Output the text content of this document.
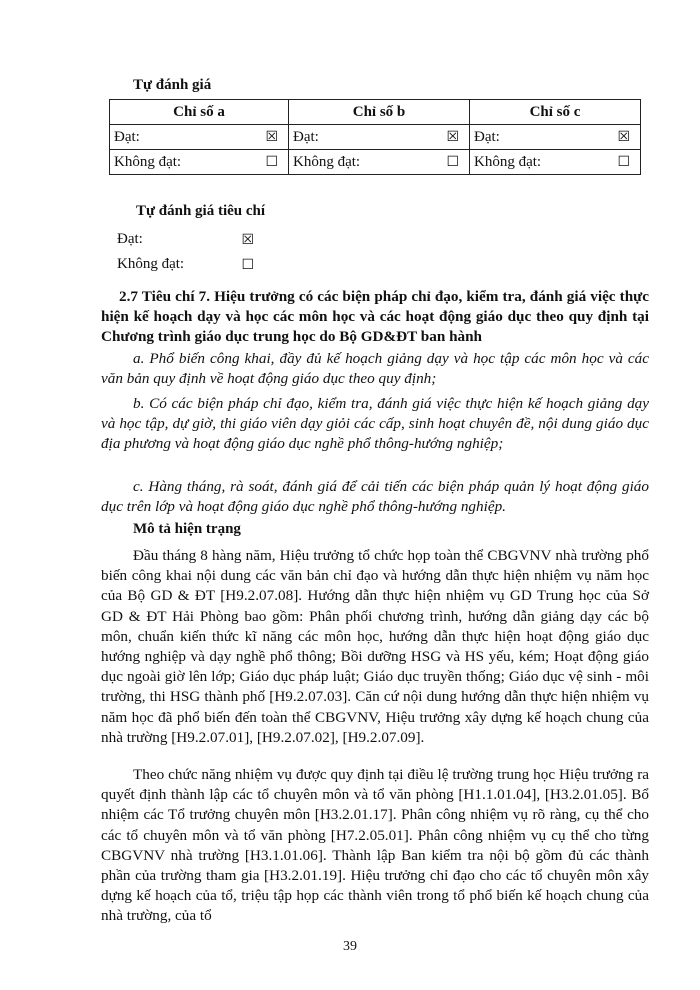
Tự đánh giá
Chỉ số a	Chỉ số b	Chỉ số c

Đạt: ☒	Đạt: ☒	Đạt: ☒

Không đạt: ☐	Không đạt: ☐	Không đạt: ☐
Tự đánh giá tiêu chí
Đạt:	☒
Không đạt:	☐
2.7 Tiêu chí 7. Hiệu trưởng có các biện pháp chỉ đạo, kiểm tra, đánh giá việc thực hiện kế hoạch dạy và học các môn học và các hoạt động giáo dục theo quy định tại Chương trình giáo dục trung học do Bộ GD&ĐT ban hành
a. Phổ biến công khai, đầy đủ kế hoạch giảng dạy và học tập các môn học và các văn bản quy định về hoạt động giáo dục theo quy định;
b. Có các biện pháp chỉ đạo, kiểm tra, đánh giá việc thực hiện kế hoạch giảng dạy và học tập, dự giờ, thi giáo viên dạy giỏi các cấp, sinh hoạt chuyên đề, nội dung giáo dục địa phương và hoạt động giáo dục nghề phổ thông-hướng nghiệp;
c. Hàng tháng, rà soát, đánh giá để cải tiến các biện pháp quản lý hoạt động giáo dục trên lớp và hoạt động giáo dục nghề phổ thông-hướng nghiệp.
Mô tả hiện trạng
Đầu tháng 8 hàng năm, Hiệu trưởng tổ chức họp toàn thể CBGVNV nhà trường phổ biến công khai nội dung các văn bản chỉ đạo và hướng dẫn thực hiện nhiệm vụ năm học của Bộ GD & ĐT [H9.2.07.08]. Hướng dẫn thực hiện nhiệm vụ GD Trung học của Sở GD & ĐT Hải Phòng bao gồm: Phân phối chương trình, hướng dẫn giảng dạy các bộ môn, chuẩn kiến thức kĩ năng các môn học, hướng dẫn thực hiện hoạt động giáo dục hướng nghiệp và dạy nghề phổ thông; Bồi dưỡng HSG và HS yếu, kém; Hoạt động giáo dục ngoài giờ lên lớp; Giáo dục pháp luật; Giáo dục truyền thống; Giáo dục vệ sinh - môi trường, thi HSG thành phố [H9.2.07.03]. Căn cứ nội dung hướng dẫn thực hiện nhiệm vụ năm học đã phổ biến đến toàn thể CBGVNV, Hiệu trưởng xây dựng kế hoạch chung của nhà trường [H9.2.07.01], [H9.2.07.02], [H9.2.07.09].
Theo chức năng nhiệm vụ được quy định tại điều lệ trường trung học Hiệu trưởng ra quyết định thành lập các tổ chuyên môn và tổ văn phòng [H1.1.01.04], [H3.2.01.05]. Bổ nhiệm các Tổ trưởng chuyên môn [H3.2.01.17]. Phân công nhiệm vụ rõ ràng, cụ thể cho các tổ chuyên môn và tổ văn phòng [H7.2.05.01]. Phân công nhiệm vụ cụ thể cho từng CBGVNV nhà trường [H3.1.01.06]. Thành lập Ban kiểm tra nội bộ gồm đủ các thành phần của trường tham gia [H3.2.01.19]. Hiệu trưởng chỉ đạo cho các tổ chuyên môn xây dựng kế hoạch của tổ, triệu tập họp các thành viên trong tổ phổ biến kế hoạch chung của nhà trường, của tổ
39
